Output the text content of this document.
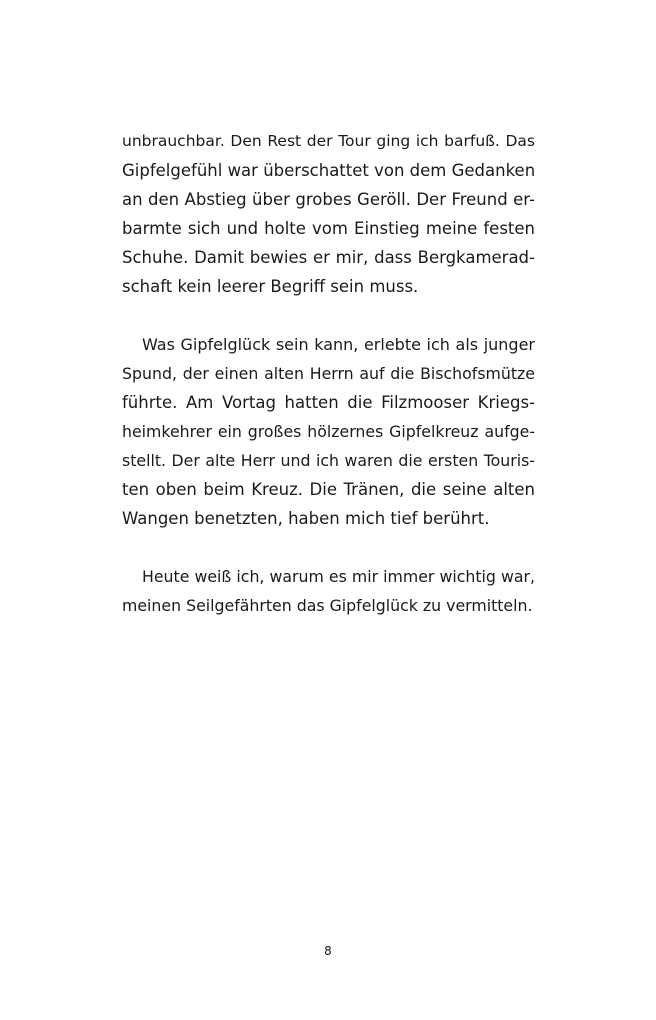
unbrauchbar. Den Rest der Tour ging ich barfuß. Das
Gipfelgefühl war überschattet von dem Gedanken
an den Abstieg über grobes Geröll. Der Freund er-
barmte sich und holte vom Einstieg meine festen
Schuhe. Damit bewies er mir, dass Bergkamerad-
schaft kein leerer Begriff sein muss.
Was Gipfelglück sein kann, erlebte ich als junger
Spund, der einen alten Herrn auf die Bischofsmütze
führte. Am Vortag hatten die Filzmooser Kriegs-
heimkehrer ein großes hölzernes Gipfelkreuz aufge-
stellt. Der alte Herr und ich waren die ersten Touris-
ten oben beim Kreuz. Die Tränen, die seine alten
Wangen benetzten, haben mich tief berührt.
Heute weiß ich, warum es mir immer wichtig war,
meinen Seilgefährten das Gipfelglück zu vermitteln.
8
